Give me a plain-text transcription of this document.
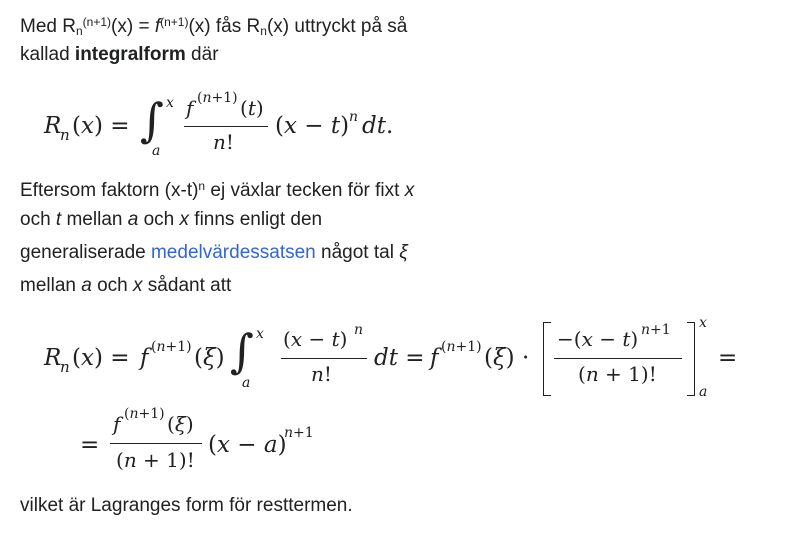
Med $R_n^{(n+1)}(x) = f^{(n+1)}(x)$ fås $R_n(x)$ uttryckt på så
kallad integralform där
R
n (x) = ∫ x
a
f (n+1) (t)
n!
(x − t) n dt.
Eftersom faktorn $(x-t)^n$ ej växlar tecken för fixt x
och t mellan a och x finns enligt den
generaliserade medelvärdessatsen något tal ξ
mellan a och x sådant att
R
n (x) = f (n+1) (ξ) ∫ x
a
(x − t) n
n!
dt = f (n+1) (ξ) ·
−(x − t) n+1
(n + 1)!
x
a
=
=
f (n+1) (ξ)
(n + 1)!
(x − a)
n+1
vilket är Lagranges form för resttermen.
